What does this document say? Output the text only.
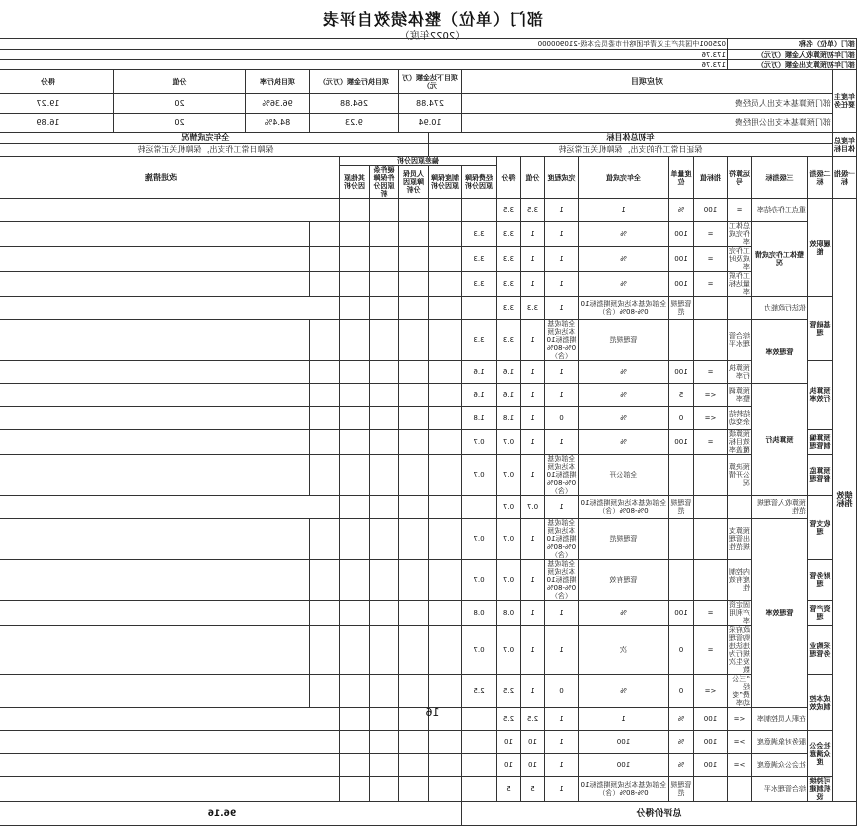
部门（单位）整体绩效自评表
（2022年度）
部门（单位）名称				025001中国共产主义青年团喀什市委员会本级-210900000														
部门年初预算收入金额（万元）				173.76														
部门年初预算支出金额（万元）				173.76														
年度主要任务	对应项目										项目下达金额（万元）		项目执行金额（万元）			项目执行率	分值	得分
	部门预算基本支出人员经费										274.88		264.88			96.36%	20	19.27
	部门预算基本支出公用经费										10.94		9.23			84.4%	20	16.89
年度总体目标	年初总体目标											全年完成情况						
	保证日常工作的支出，保障机关正常运转											保障日常工作支出，保障机关正常运转						
一级指标	二级指标	三级指标	运算符号	指标值	度量单位	全年完成值	完成程度	分值	得分	偏差原因分析					改进措施			
										经费保障原因分析	制度保障原因分析	人员保障原因分析	硬件条件保障原因分析	其他原因分析				
绩效指标	履职效能	重点工作办结率	=	100	%	1	1	3.5	3.5									
		整体工作完成情况	总体工作完成率	=	100	%	1	1	3.3	3.3								
			工作完成及时率	=	100	%	1	1	3.3	3.3								
			工作质量达标率	=	100	%	1	1	3.3	3.3								
	基础管理	依法行政能力			管理规范	全部或基本达成预期指标100%-80%（含）	1	3.3	3.3									
		管理效率	综合管理水平			管理规范	全部或基本达成预期指标100%-80%（含）	1	3.3	3.3								
	预算执行效率		预算执行率	=	100	%	1	1	1.6	1.6								
		预算执行	预算调整率	<=	5	%	1	1	1.6	1.6								
			结转结余变动	<=	0	%	0	1	1.8	1.8								
	预算编制管理		预算绩效目标覆盖率	=	100	%	1	1	0.7	0.7								
	预算监督管理		预决算公开情况			全部公开	全部或基本达成预期指标100%-80%（含）	1	0.7	0.7								
	收支管理	预算收入管理规范性			管理规范	全部或基本达成预期指标100%-80%（含）	1	0.7	0.7									
		管理效率	预算支出管理规范性			管理规范	全部或基本达成预期指标100%-80%（含）	1	0.7	0.7								
	财务管理		内控制度有效性			管理有效	全部或基本达成预期指标100%-80%（含）	1	0.7	0.7								
	资产管理		固定资产利用率	=	100	%	1	1	0.8	0.8								
	采购业务管理		政府采购管理违法违规行为发生次数	=	0	次	1	1	0.7	0.7								
	成本控制成效		“三公经费”变动率	<=	0	%	0	1	2.5	2.5								
		在职人员控制率	<=	100	%	1	1	2.5	2.5									
	社会公众满意度	服务对象满意度	>=	100	%	100	1	10	10									
		社会公众满意度	>=	100	%	100	1	10	10									
	可持续机制建设	综合管理水平			管理规范	全部或基本达成预期指标100%-80%（含）	1	5	5									
总评价得分											96.16							
16
